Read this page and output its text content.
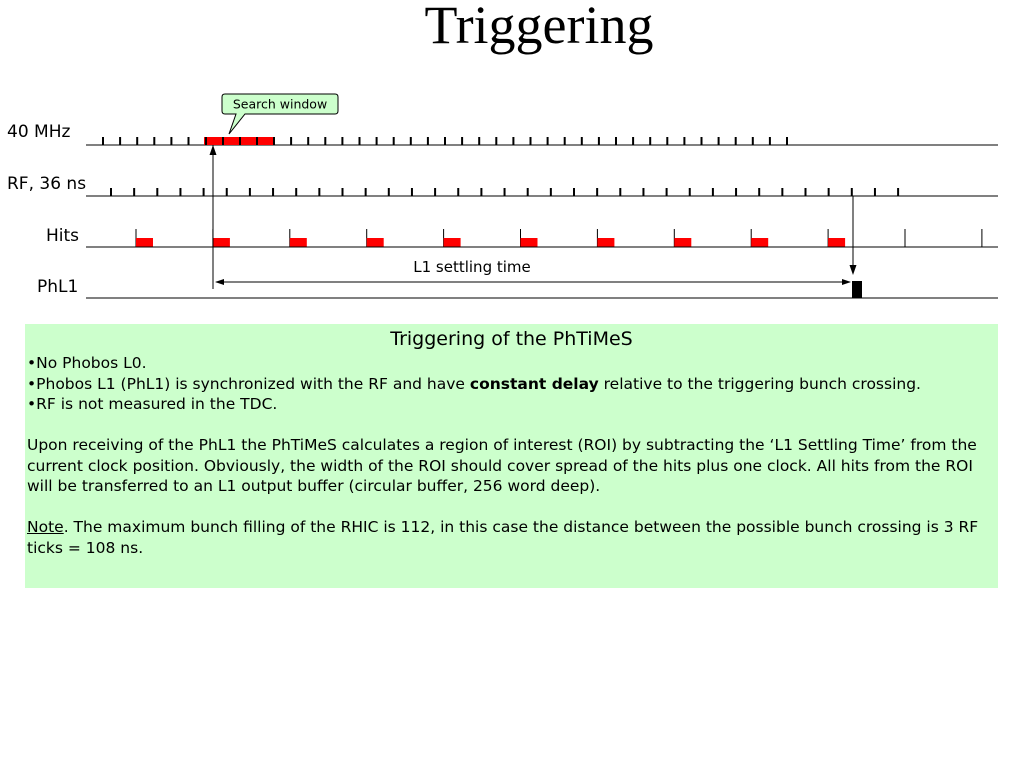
Triggering
40 MHz
RF, 36 ns
Hits
PhL1
L1 settling time
Search window
Triggering of the PhTiMeS

•No Phobos L0.

•Phobos L1 (PhL1) is synchronized with the RF and have constant delay relative to the triggering bunch crossing.

•RF is not measured in the TDC.

Upon receiving of the PhL1 the PhTiMeS calculates a region of interest (ROI) by subtracting the ‘L1 Settling Time’ from the current clock position. Obviously, the width of the ROI should cover spread of the hits plus one clock. All hits from the ROI will be transferred to an L1 output buffer (circular buffer, 256 word deep).

Note. The maximum bunch filling of the RHIC is 112, in this case the distance between the possible bunch crossing is 3 RF ticks = 108 ns.
